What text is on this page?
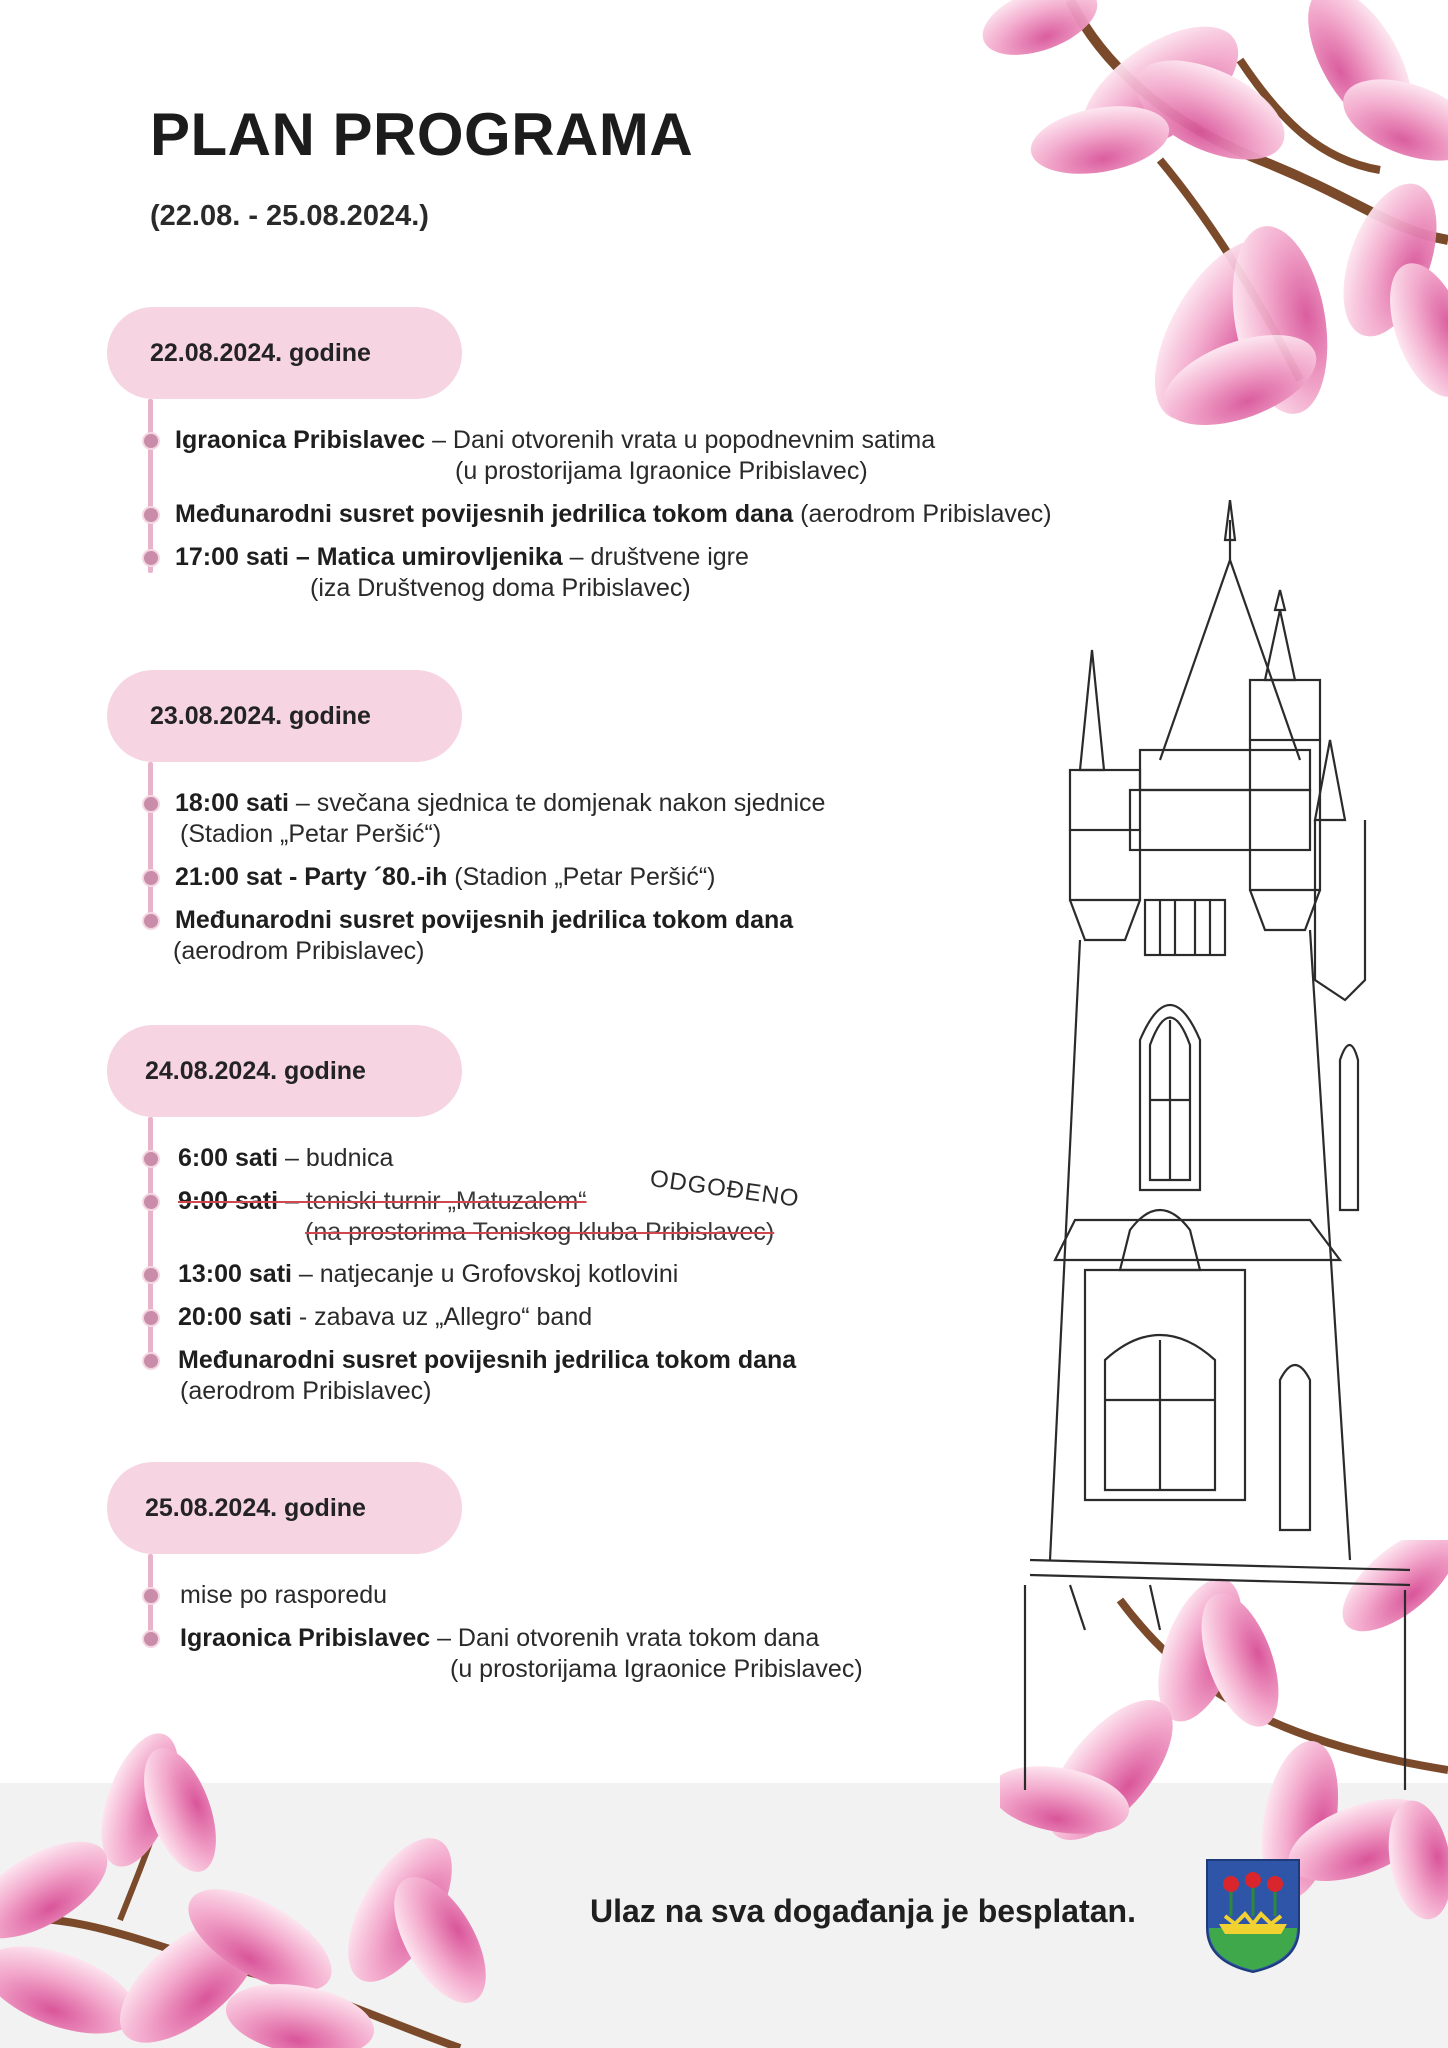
PLAN PROGRAMA
(22.08. - 25.08.2024.)
22.08.2024. godine
Igraonica Pribislavec – Dani otvorenih vrata u popodnevnim satima
(u prostorijama Igraonice Pribislavec)
Međunarodni susret povijesnih jedrilica tokom dana (aerodrom Pribislavec)
17:00 sati – Matica umirovljenika – društvene igre
(iza Društvenog doma Pribislavec)
23.08.2024. godine
18:00 sati – svečana sjednica te domjenak nakon sjednice
(Stadion „Petar Peršić“)
21:00 sat - Party ´80.-ih (Stadion „Petar Peršić“)
Međunarodni susret povijesnih jedrilica tokom dana
(aerodrom Pribislavec)
24.08.2024. godine
6:00 sati – budnica
9:00 sati – teniski turnir „Matuzalem“
(na prostorima Teniskog kluba Pribislavec)
ODGOĐENO
13:00 sati – natjecanje u Grofovskoj kotlovini
20:00 sati - zabava uz „Allegro“ band
Međunarodni susret povijesnih jedrilica tokom dana
(aerodrom Pribislavec)
25.08.2024. godine
mise po rasporedu
Igraonica Pribislavec – Dani otvorenih vrata tokom dana
(u prostorijama Igraonice Pribislavec)
Ulaz na sva događanja je besplatan.
